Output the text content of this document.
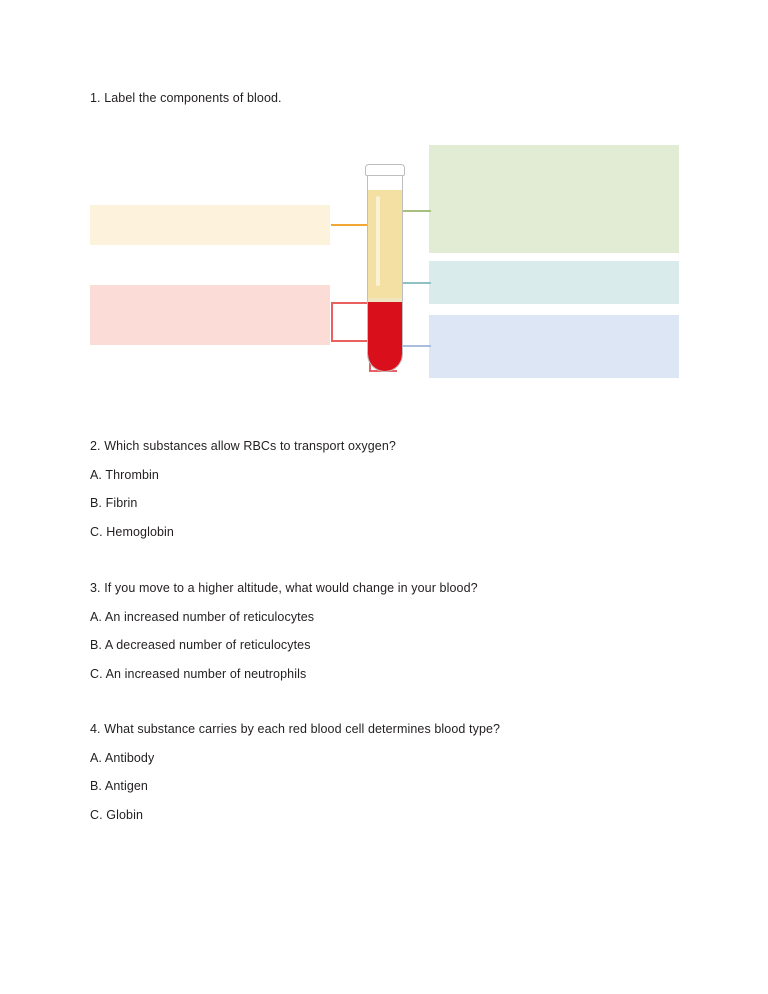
1. Label the components of blood.

2. Which substances allow RBCs to transport oxygen?

A. Thrombin

B. Fibrin

C. Hemoglobin

3. If you move to a higher altitude, what would change in your blood?

A. An increased number of reticulocytes

B. A decreased number of reticulocytes

C. An increased number of neutrophils

4. What substance carries by each red blood cell determines blood type?

A. Antibody

B. Antigen

C. Globin
